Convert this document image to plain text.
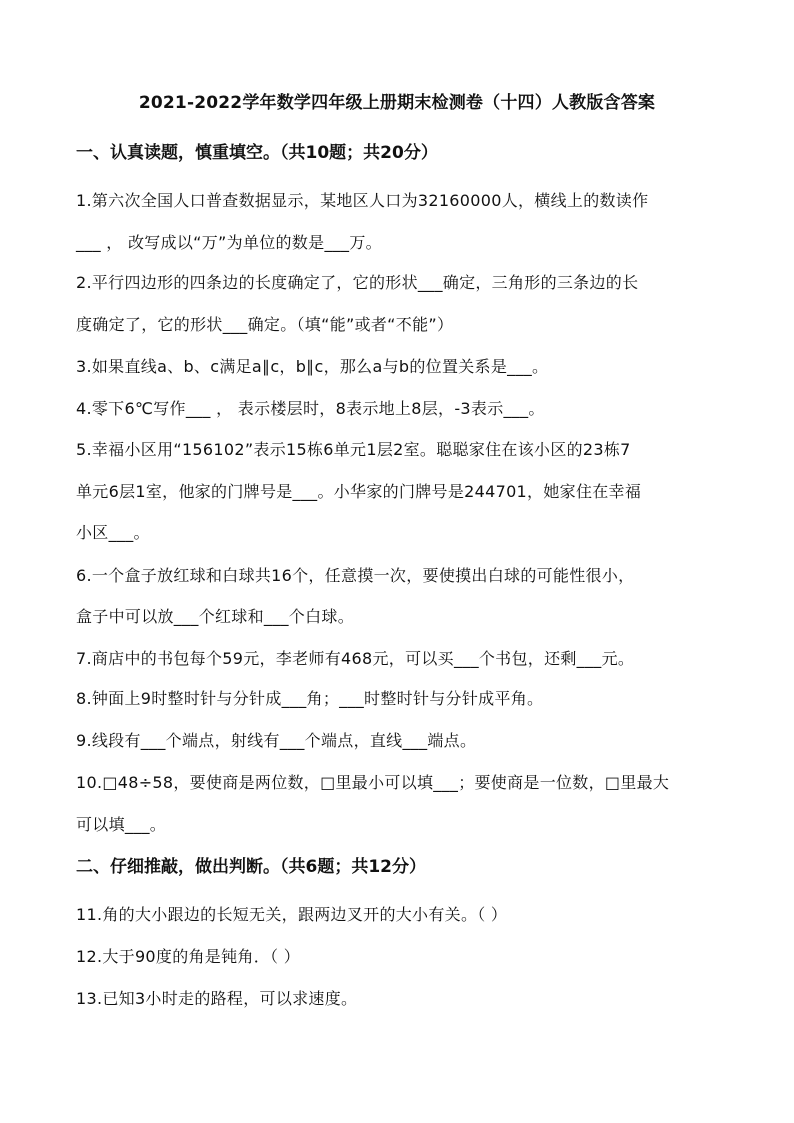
2021-2022学年数学四年级上册期末检测卷（十四）人教版含答案
一、认真读题，慎重填空。（共10题；共20分）
1.第六次全国人口普查数据显示，某地区人口为32160000人，横线上的数读作
___ ， 改写成以“万”为单位的数是___万。
2.平行四边形的四条边的长度确定了，它的形状___确定，三角形的三条边的长
度确定了，它的形状___确定。（填“能”或者“不能”）
3.如果直线a、b、c满足a∥c，b∥c，那么a与b的位置关系是___。
4.零下6℃写作___ ， 表示楼层时，8表示地上8层，-3表示___。
5.幸福小区用“156102”表示15栋6单元1层2室。聪聪家住在该小区的23栋7
单元6层1室，他家的门牌号是___。小华家的门牌号是244701，她家住在幸福
小区___。
6.一个盒子放红球和白球共16个，任意摸一次，要使摸出白球的可能性很小，
盒子中可以放___个红球和___个白球。
7.商店中的书包每个59元，李老师有468元，可以买___个书包，还剩___元。
8.钟面上9时整时针与分针成___角；___时整时针与分针成平角。
9.线段有___个端点，射线有___个端点，直线___端点。
10.□48÷58，要使商是两位数，□里最小可以填___；要使商是一位数，□里最大
可以填___。
二、仔细推敲，做出判断。（共6题；共12分）
11.角的大小跟边的长短无关，跟两边叉开的大小有关。（ ）
12.大于90度的角是钝角．（ ）
13.已知3小时走的路程，可以求速度。
